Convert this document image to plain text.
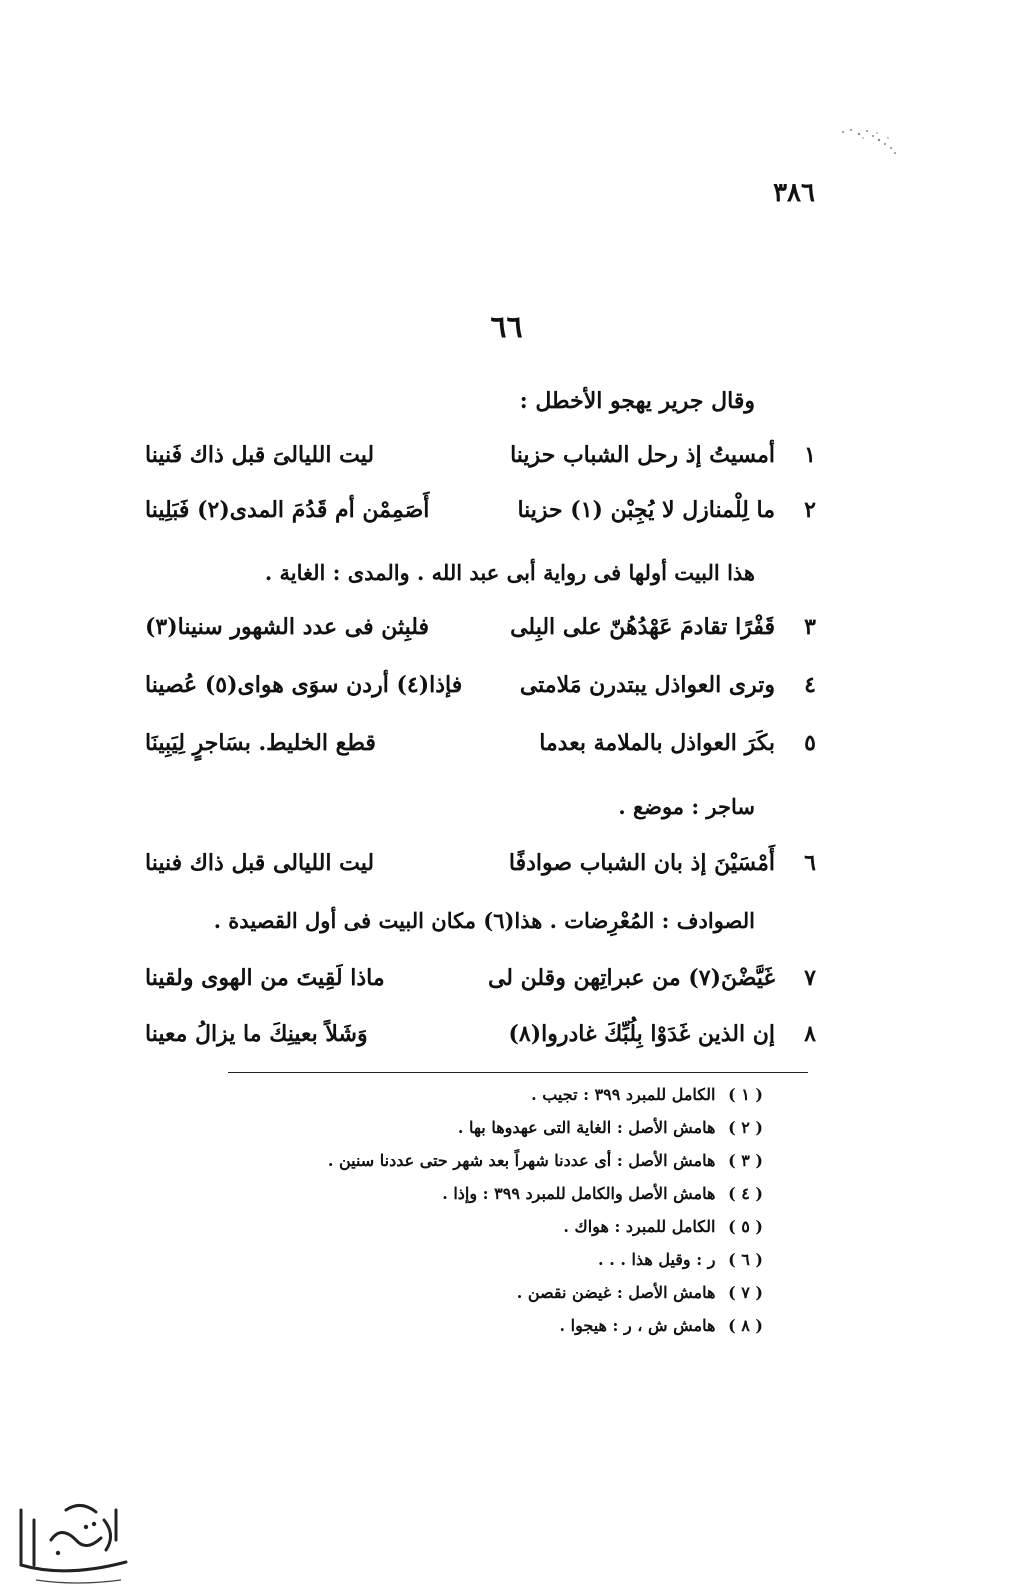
٣٨٦
٦٦
وقال جرير يهجو الأخطل :
١
أمسيتُ إذ رحل الشباب حزينا
ليت الليالىَ قبل ذاك فَنينا
٢
ما لِلْمنازل لا يُجِبْن (١) حزينا
أَصَمِمْن أم قَدُمَ المدى(٢) فَبَلِينا
هذا البيت أولها فى رواية أبى عبد الله . والمدى : الغاية .
٣
قَفْرًا تقادمَ عَهْدُهُنّ على البِلى
فلبِثن فى عدد الشهور سنينا(٣)
٤
وترى العواذل يبتدرن مَلامتى
فإذا(٤) أردن سوَى هواى(٥) عُصينا
٥
بكَرَ العواذل بالملامة بعدما
قطع الخليط. بسَاجرٍ لِيَبِينَا
ساجر : موضع .
٦
أَمْسَيْنَ إذ بان الشباب صوادفًا
ليت الليالى قبل ذاك فنينا
الصوادف : المُعْرِضات . هذا(٦) مكان البيت فى أول القصيدة .
٧
غَيَّضْنَ(٧) من عبراتِهن وقلن لى
ماذا لَقِيتَ من الهوى ولقينا
٨
إن الذين غَدَوْا بِلُبِّكَ غادروا(٨)
وَشَلاً بعينِكَ ما يزالُ معينا
( ١ ) الكامل للمبرد ٣٩٩ : تجيب .
( ٢ ) هامش الأصل : الغاية التى عهدوها بها .
( ٣ ) هامش الأصل : أى عددنا شهراً بعد شهر حتى عددنا سنين .
( ٤ ) هامش الأصل والكامل للمبرد ٣٩٩ : وإذا .
( ٥ ) الكامل للمبرد : هواك .
( ٦ ) ر : وقيل هذا . . .
( ٧ ) هامش الأصل : غيضن نقصن .
( ٨ ) هامش ش ، ر : هيجوا .
